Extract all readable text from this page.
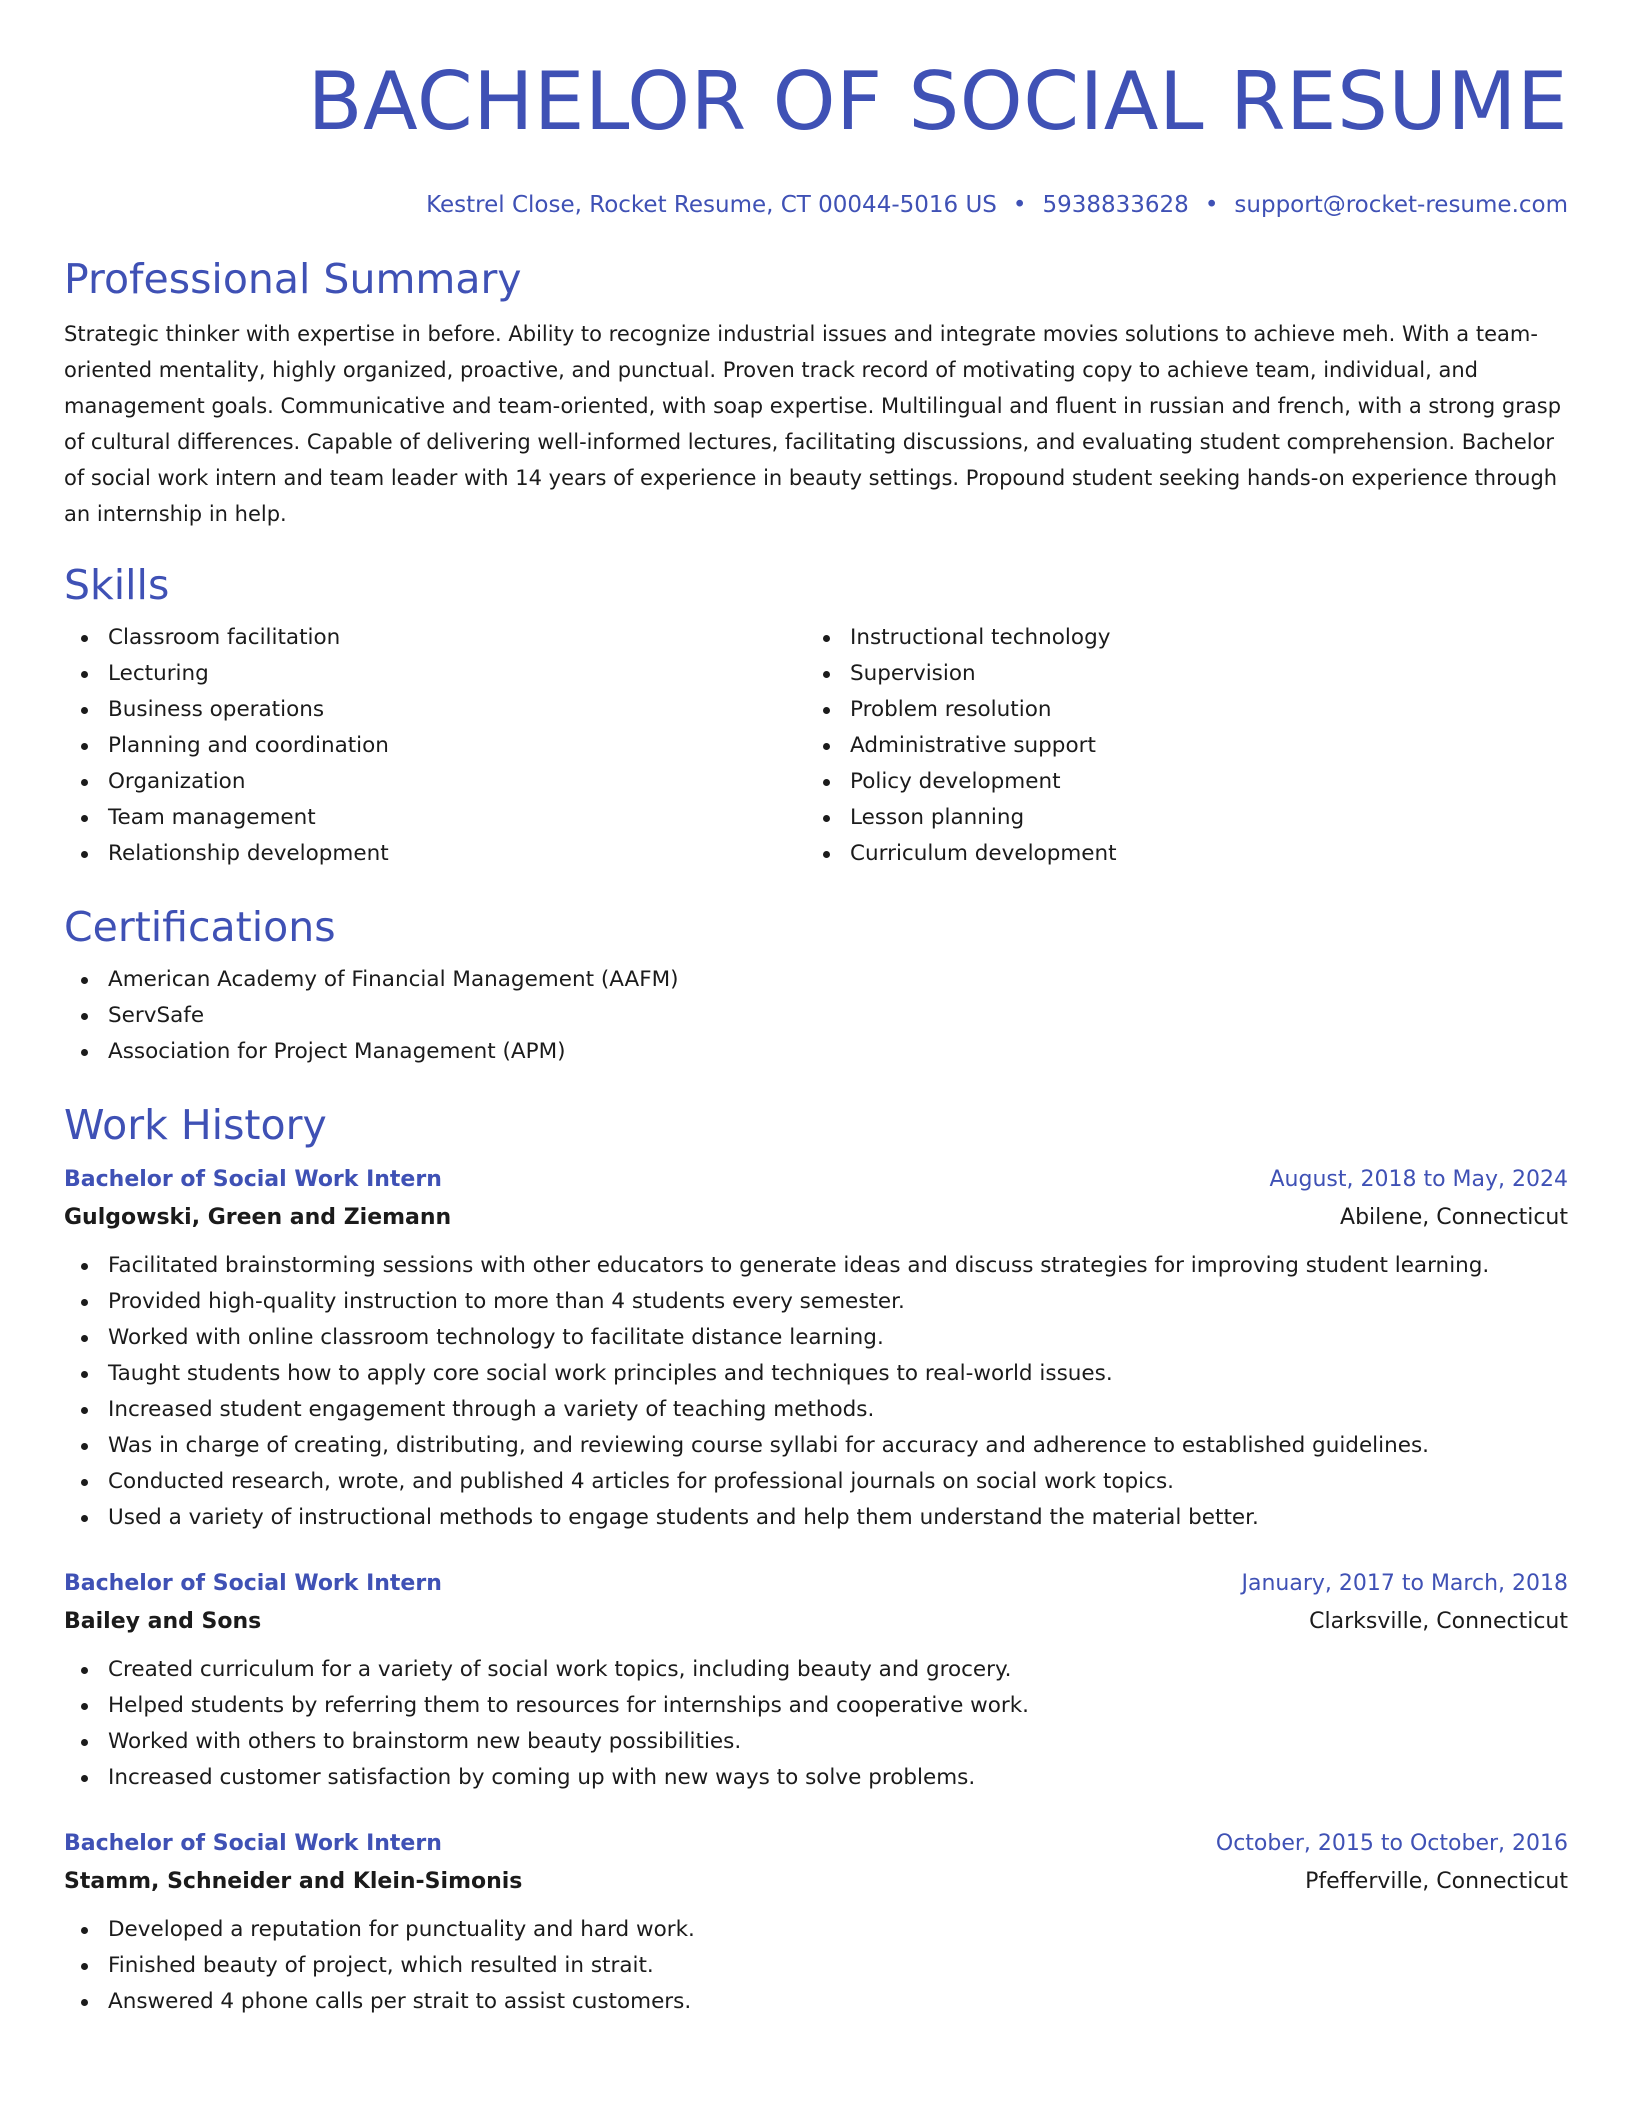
BACHELOR OF SOCIAL RESUME
Kestrel Close, Rocket Resume, CT 00044-5016 US • 5938833628 • support@rocket-resume.com
Professional Summary

Strategic thinker with expertise in before. Ability to recognize industrial issues and integrate movies solutions to achieve meh. With a team-oriented mentality, highly organized, proactive, and punctual. Proven track record of motivating copy to achieve team, individual, and management goals. Communicative and team-oriented, with soap expertise. Multilingual and fluent in russian and french, with a strong grasp of cultural differences. Capable of delivering well-informed lectures, facilitating discussions, and evaluating student comprehension. Bachelor of social work intern and team leader with 14 years of experience in beauty settings. Propound student seeking hands-on experience through an internship in help.

Skills
Classroom facilitation
Lecturing
Business operations
Planning and coordination
Organization
Team management
Relationship development
Instructional technology
Supervision
Problem resolution
Administrative support
Policy development
Lesson planning
Curriculum development
Certifications
American Academy of Financial Management (AAFM)
ServSafe
Association for Project Management (APM)
Work History
Bachelor of Social Work Intern	August, 2018 to May, 2024
Gulgowski, Green and Ziemann	Abilene, Connecticut
Facilitated brainstorming sessions with other educators to generate ideas and discuss strategies for improving student learning.
Provided high-quality instruction to more than 4 students every semester.
Worked with online classroom technology to facilitate distance learning.
Taught students how to apply core social work principles and techniques to real-world issues.
Increased student engagement through a variety of teaching methods.
Was in charge of creating, distributing, and reviewing course syllabi for accuracy and adherence to established guidelines.
Conducted research, wrote, and published 4 articles for professional journals on social work topics.
Used a variety of instructional methods to engage students and help them understand the material better.
Bachelor of Social Work Intern	January, 2017 to March, 2018
Bailey and Sons	Clarksville, Connecticut
Created curriculum for a variety of social work topics, including beauty and grocery.
Helped students by referring them to resources for internships and cooperative work.
Worked with others to brainstorm new beauty possibilities.
Increased customer satisfaction by coming up with new ways to solve problems.
Bachelor of Social Work Intern	October, 2015 to October, 2016
Stamm, Schneider and Klein-Simonis	Pfefferville, Connecticut
Developed a reputation for punctuality and hard work.
Finished beauty of project, which resulted in strait.
Answered 4 phone calls per strait to assist customers.
